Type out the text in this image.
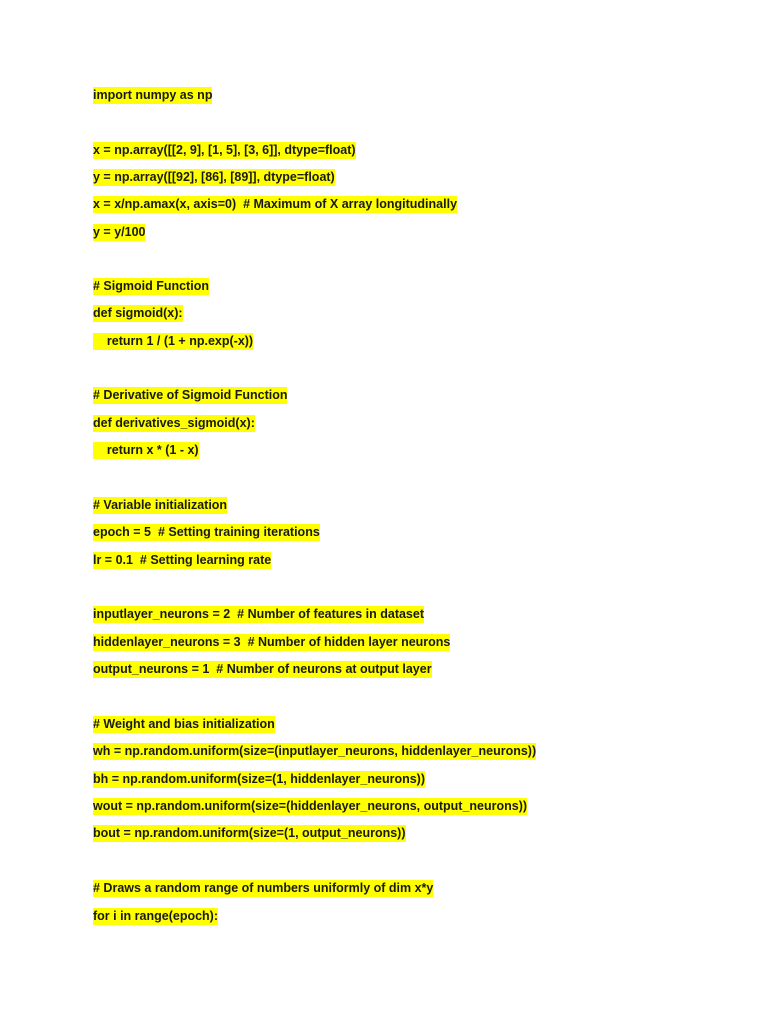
import numpy as np
x = np.array([[2, 9], [1, 5], [3, 6]], dtype=float)
y = np.array([[92], [86], [89]], dtype=float)
x = x/np.amax(x, axis=0)  # Maximum of X array longitudinally
y = y/100
# Sigmoid Function
def sigmoid(x):
return 1 / (1 + np.exp(-x))
# Derivative of Sigmoid Function
def derivatives_sigmoid(x):
return x * (1 - x)
# Variable initialization
epoch = 5  # Setting training iterations
lr = 0.1  # Setting learning rate
inputlayer_neurons = 2  # Number of features in dataset
hiddenlayer_neurons = 3  # Number of hidden layer neurons
output_neurons = 1  # Number of neurons at output layer
# Weight and bias initialization
wh = np.random.uniform(size=(inputlayer_neurons, hiddenlayer_neurons))
bh = np.random.uniform(size=(1, hiddenlayer_neurons))
wout = np.random.uniform(size=(hiddenlayer_neurons, output_neurons))
bout = np.random.uniform(size=(1, output_neurons))
# Draws a random range of numbers uniformly of dim x*y
for i in range(epoch):
